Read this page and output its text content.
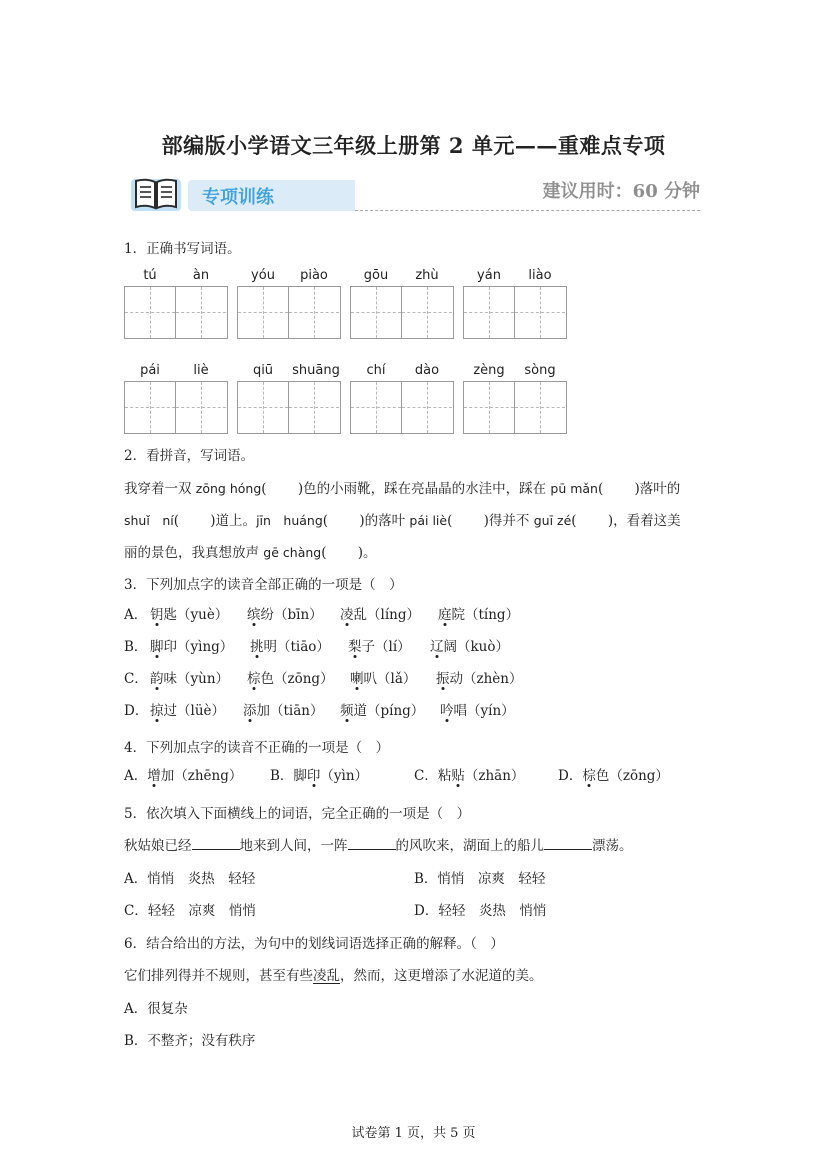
部编版小学语文三年级上册第 2 单元——重难点专项
专项训练	建议用时：60 分钟
1．正确书写词语。
tú	àn	yóu	piào	gōu	zhù	yán	liào
pái	liè	qiū	shuāng	chí	dào	zèng	sòng
2．看拼音，写词语。
我穿着一双 zōng hóng(　　 )色的小雨靴，踩在亮晶晶的水洼中，踩在 pū mǎn(　　 )落叶的
shuǐ　ní(　　 )道上。jīn　huáng(　　 )的落叶 pái liè(　　 )得并不 guī zé(　　 )，看着这美
丽的景色，我真想放声 gē chàng(　　 )。
3．下列加点字的读音全部正确的一项是（　）
A． 钥匙（yuè） 缤纷（bīn） 凌乱（líng） 庭院（tíng）
B． 脚印（yìng） 挑明（tiāo） 梨子（lí） 辽阔（kuò）
C． 韵味（yùn） 棕色（zōng） 喇叭（lǎ） 振动（zhèn）
D． 掠过（lüè） 添加（tiān） 频道（píng） 吟唱（yín）
4．下列加点字的读音不正确的一项是（　）
A．增加（zhēng） B．脚印（yìn）	C．粘贴（zhān） D．棕色（zōng）
5．依次填入下面横线上的词语，完全正确的一项是（　）
秋姑娘已经	地来到人间，一阵	的风吹来，湖面上的船儿	漂荡。
A．悄悄　炎热　轻轻	B．悄悄　凉爽　轻轻
C．轻轻　凉爽　悄悄	D．轻轻　炎热　悄悄
6．结合给出的方法，为句中的划线词语选择正确的解释。（　）
它们排列得并不规则，甚至有些凌乱，然而，这更增添了水泥道的美。
A．很复杂
B．不整齐；没有秩序
试卷第 1 页，共 5 页
